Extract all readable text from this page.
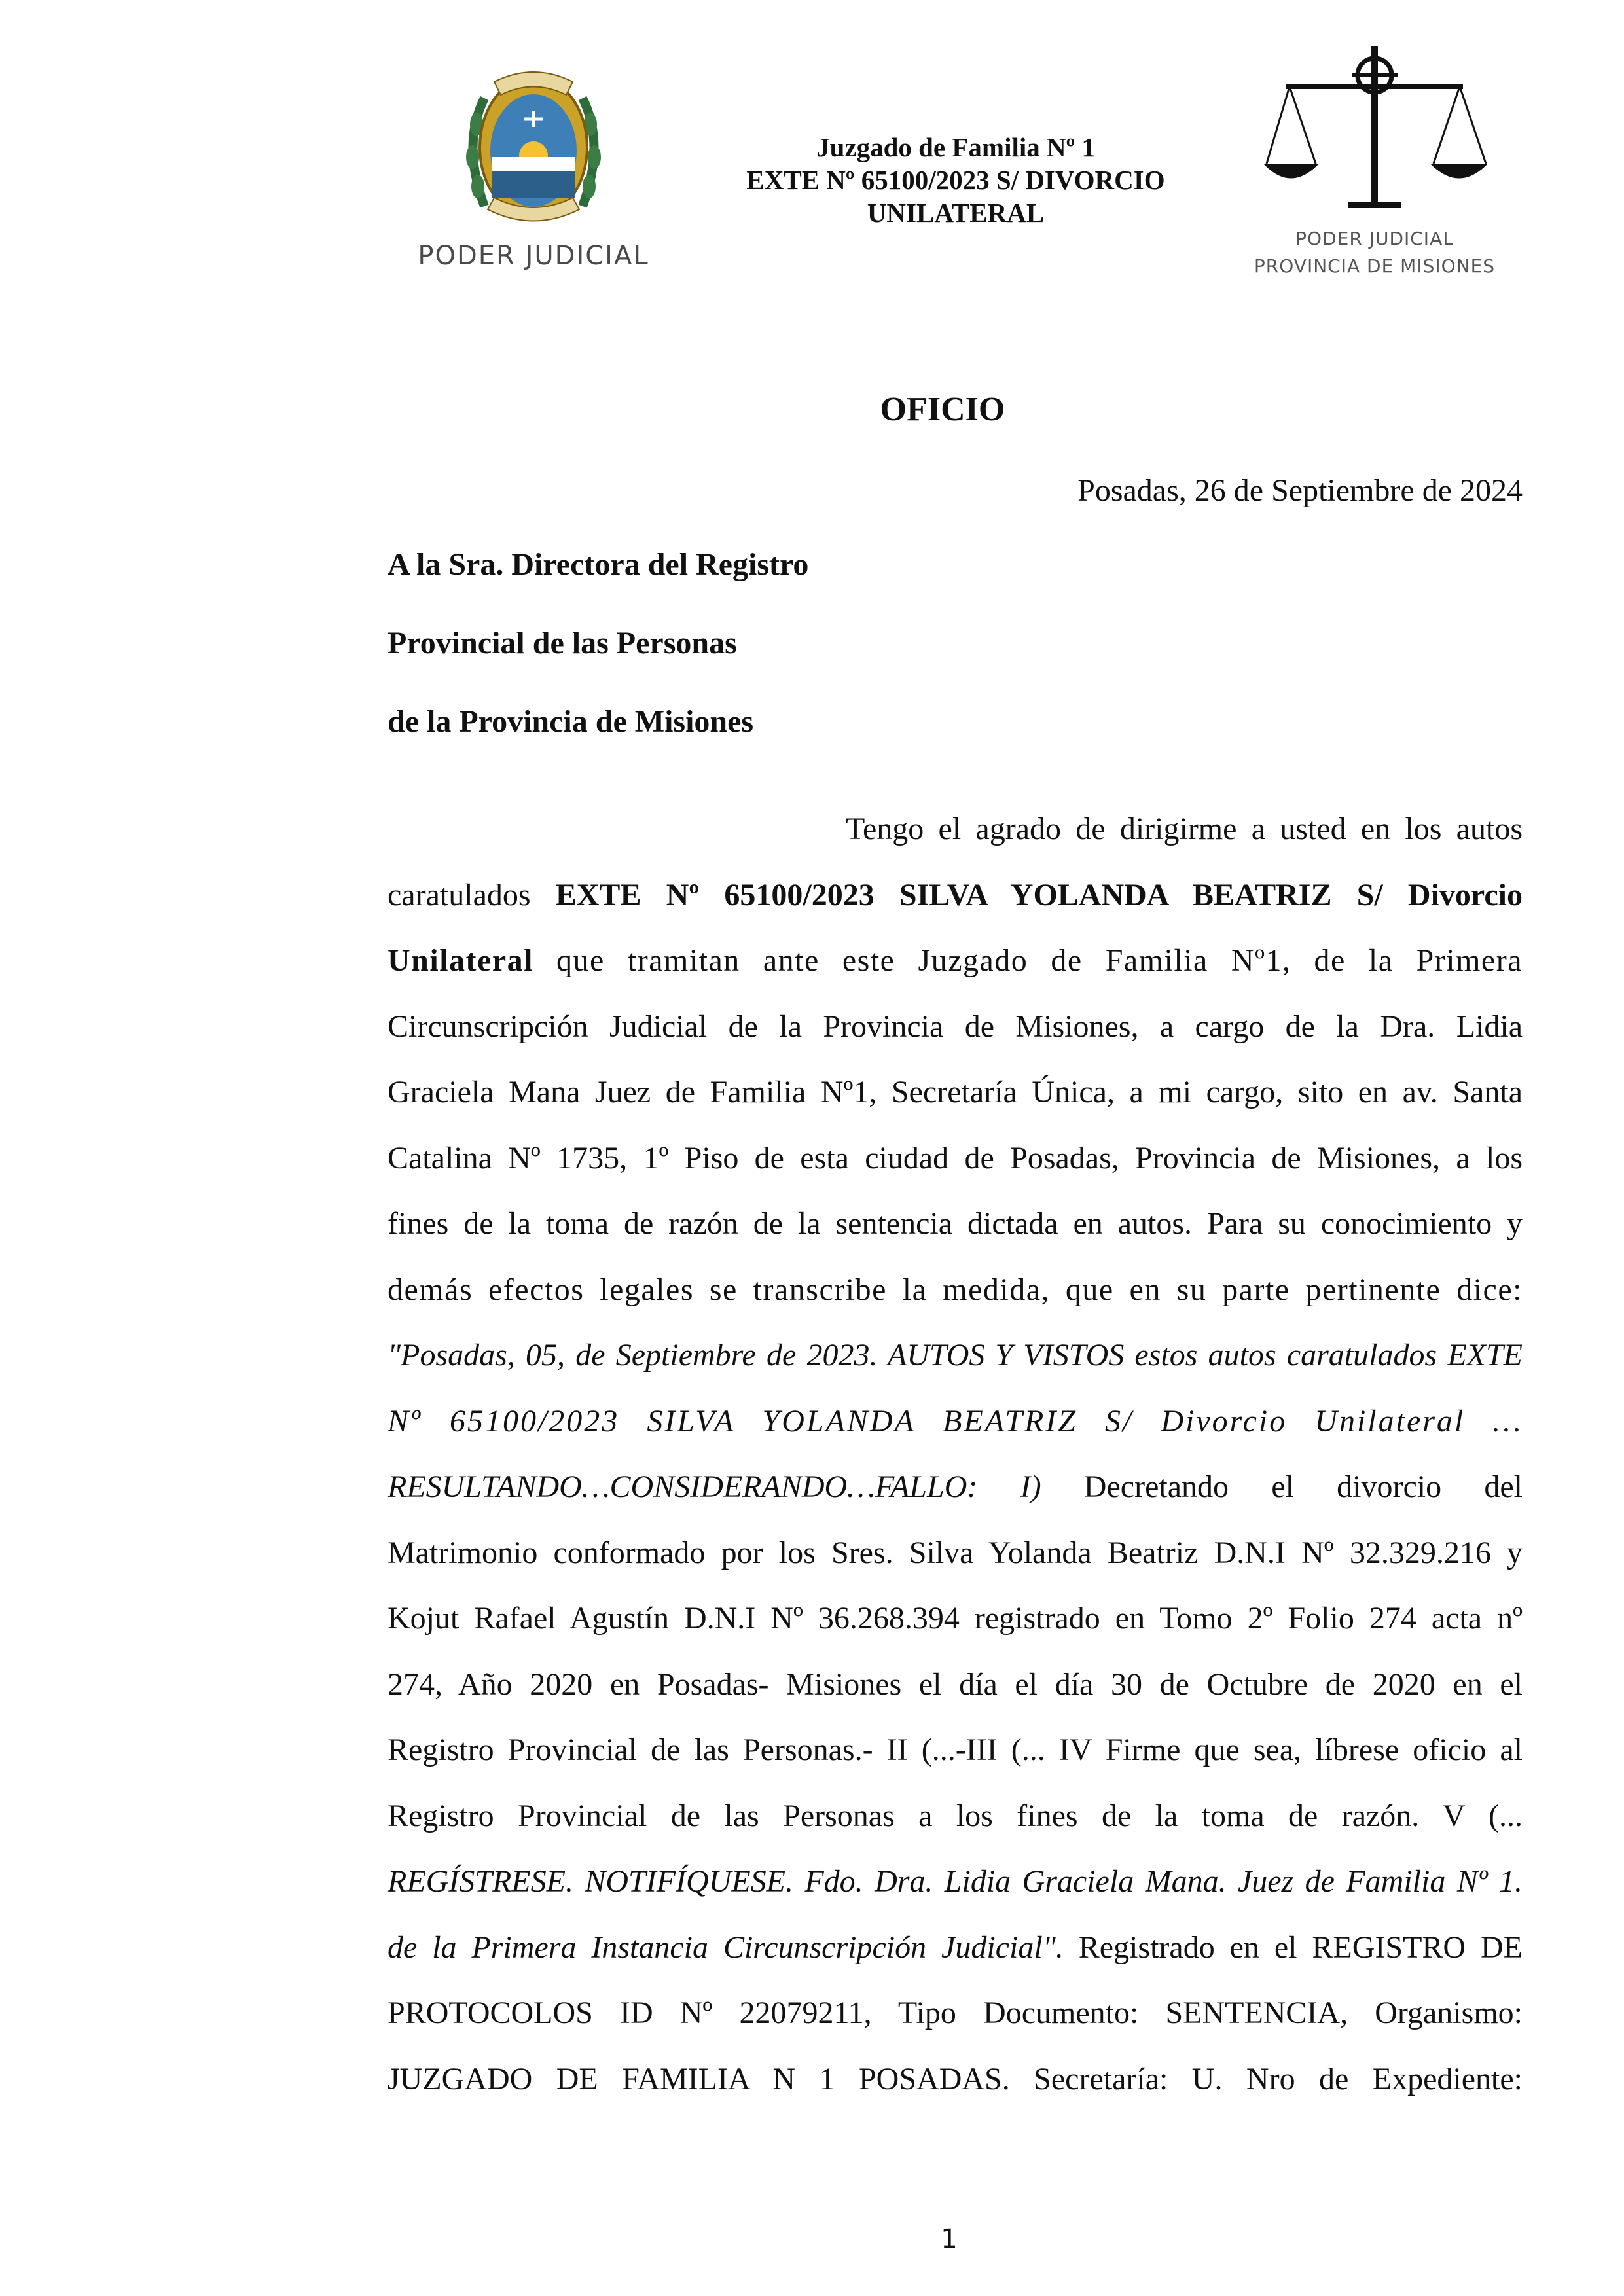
PODER JUDICIAL
Juzgado de Familia Nº 1
EXTE Nº 65100/2023 S/ DIVORCIO
UNILATERAL
PODER JUDICIAL
PROVINCIA DE MISIONES
OFICIO
Posadas, 26 de Septiembre de 2024
A la Sra. Directora del Registro
Provincial de las Personas
de la Provincia de Misiones

Tengo el agrado de dirigirme a usted en los autos

caratulados EXTE Nº 65100/2023 SILVA YOLANDA BEATRIZ S/ Divorcio

Unilateral que tramitan ante este Juzgado de Familia Nº1, de la Primera

Circunscripción Judicial de la Provincia de Misiones, a cargo de la Dra. Lidia

Graciela Mana Juez de Familia Nº1, Secretaría Única, a mi cargo, sito en av. Santa

Catalina Nº 1735, 1º Piso de esta ciudad de Posadas, Provincia de Misiones, a los

fines de la toma de razón de la sentencia dictada en autos. Para su conocimiento y

demás efectos legales se transcribe la medida, que en su parte pertinente dice:

"Posadas, 05, de Septiembre de 2023. AUTOS Y VISTOS estos autos caratulados EXTE

Nº 65100/2023 SILVA YOLANDA BEATRIZ S/ Divorcio Unilateral …

RESULTANDO…CONSIDERANDO…FALLO: I) Decretando el divorcio del

Matrimonio conformado por los Sres. Silva Yolanda Beatriz D.N.I Nº 32.329.216 y

Kojut Rafael Agustín D.N.I Nº 36.268.394 registrado en Tomo 2º Folio 274 acta nº

274, Año 2020 en Posadas- Misiones el día el día 30 de Octubre de 2020 en el

Registro Provincial de las Personas.- II (...-III (... IV Firme que sea, líbrese oficio al

Registro Provincial de las Personas a los fines de la toma de razón. V (...

REGÍSTRESE. NOTIFÍQUESE. Fdo. Dra. Lidia Graciela Mana. Juez de Familia Nº 1.

de la Primera Instancia Circunscripción Judicial". Registrado en el REGISTRO DE

PROTOCOLOS ID Nº 22079211, Tipo Documento: SENTENCIA, Organismo:

JUZGADO DE FAMILIA N 1 POSADAS. Secretaría: U. Nro de Expediente:

1
